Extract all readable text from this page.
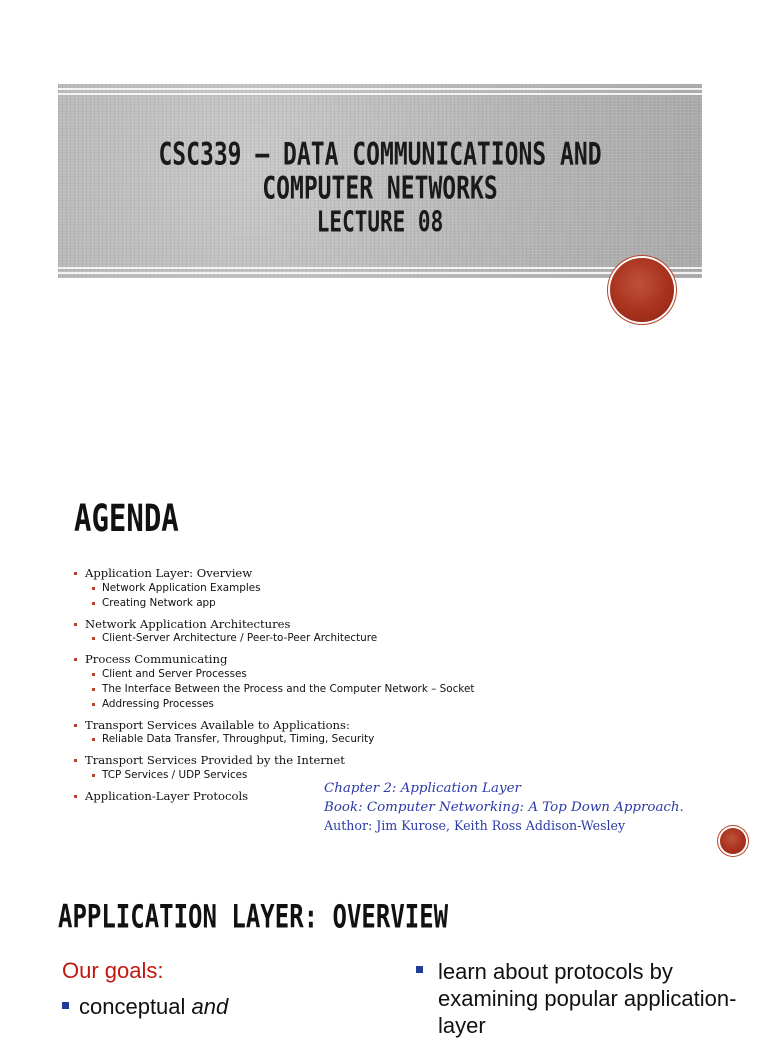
CSC339 – DATA COMMUNICATIONS AND
COMPUTER NETWORKS
LECTURE 08
AGENDA
Application Layer: Overview
Network Application Examples
Creating Network app
Network Application Architectures
Client-Server Architecture / Peer-to-Peer Architecture
Process Communicating
Client and Server Processes
The Interface Between the Process and the Computer Network – Socket
Addressing Processes
Transport Services Available to Applications:
Reliable Data Transfer, Throughput, Timing, Security
Transport Services Provided by the Internet
TCP Services / UDP Services
Application-Layer Protocols	Chapter 2: Application Layer
Book: Computer Networking: A Top Down Approach.
Author: Jim Kurose, Keith Ross Addison-Wesley
APPLICATION LAYER: OVERVIEW
Our goals:
conceptual and
learn about protocols by examining popular application-layer
